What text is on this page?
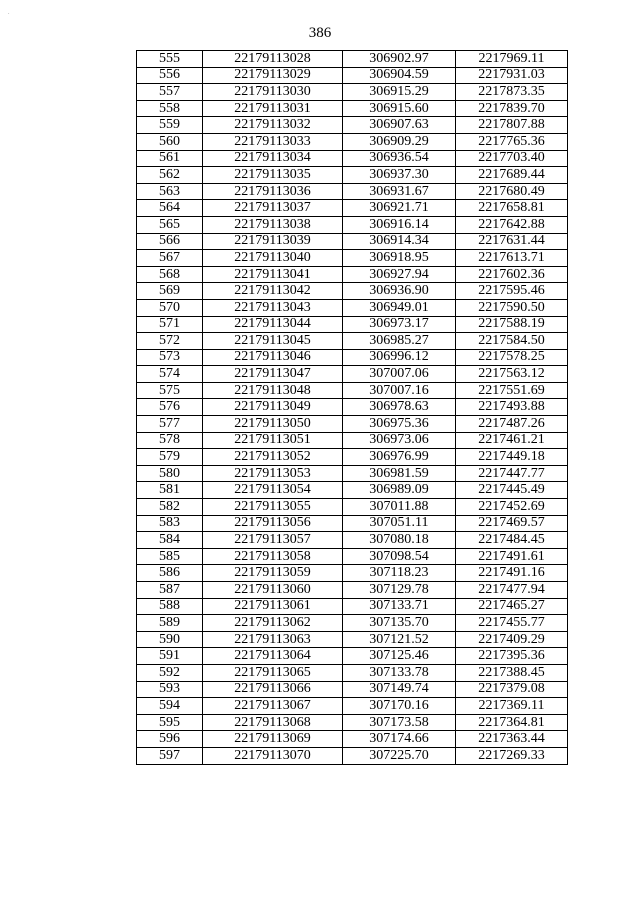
.
386
555	22179113028	306902.97	2217969.11
556	22179113029	306904.59	2217931.03
557	22179113030	306915.29	2217873.35
558	22179113031	306915.60	2217839.70
559	22179113032	306907.63	2217807.88
560	22179113033	306909.29	2217765.36
561	22179113034	306936.54	2217703.40
562	22179113035	306937.30	2217689.44
563	22179113036	306931.67	2217680.49
564	22179113037	306921.71	2217658.81
565	22179113038	306916.14	2217642.88
566	22179113039	306914.34	2217631.44
567	22179113040	306918.95	2217613.71
568	22179113041	306927.94	2217602.36
569	22179113042	306936.90	2217595.46
570	22179113043	306949.01	2217590.50
571	22179113044	306973.17	2217588.19
572	22179113045	306985.27	2217584.50
573	22179113046	306996.12	2217578.25
574	22179113047	307007.06	2217563.12
575	22179113048	307007.16	2217551.69
576	22179113049	306978.63	2217493.88
577	22179113050	306975.36	2217487.26
578	22179113051	306973.06	2217461.21
579	22179113052	306976.99	2217449.18
580	22179113053	306981.59	2217447.77
581	22179113054	306989.09	2217445.49
582	22179113055	307011.88	2217452.69
583	22179113056	307051.11	2217469.57
584	22179113057	307080.18	2217484.45
585	22179113058	307098.54	2217491.61
586	22179113059	307118.23	2217491.16
587	22179113060	307129.78	2217477.94
588	22179113061	307133.71	2217465.27
589	22179113062	307135.70	2217455.77
590	22179113063	307121.52	2217409.29
591	22179113064	307125.46	2217395.36
592	22179113065	307133.78	2217388.45
593	22179113066	307149.74	2217379.08
594	22179113067	307170.16	2217369.11
595	22179113068	307173.58	2217364.81
596	22179113069	307174.66	2217363.44
597	22179113070	307225.70	2217269.33
